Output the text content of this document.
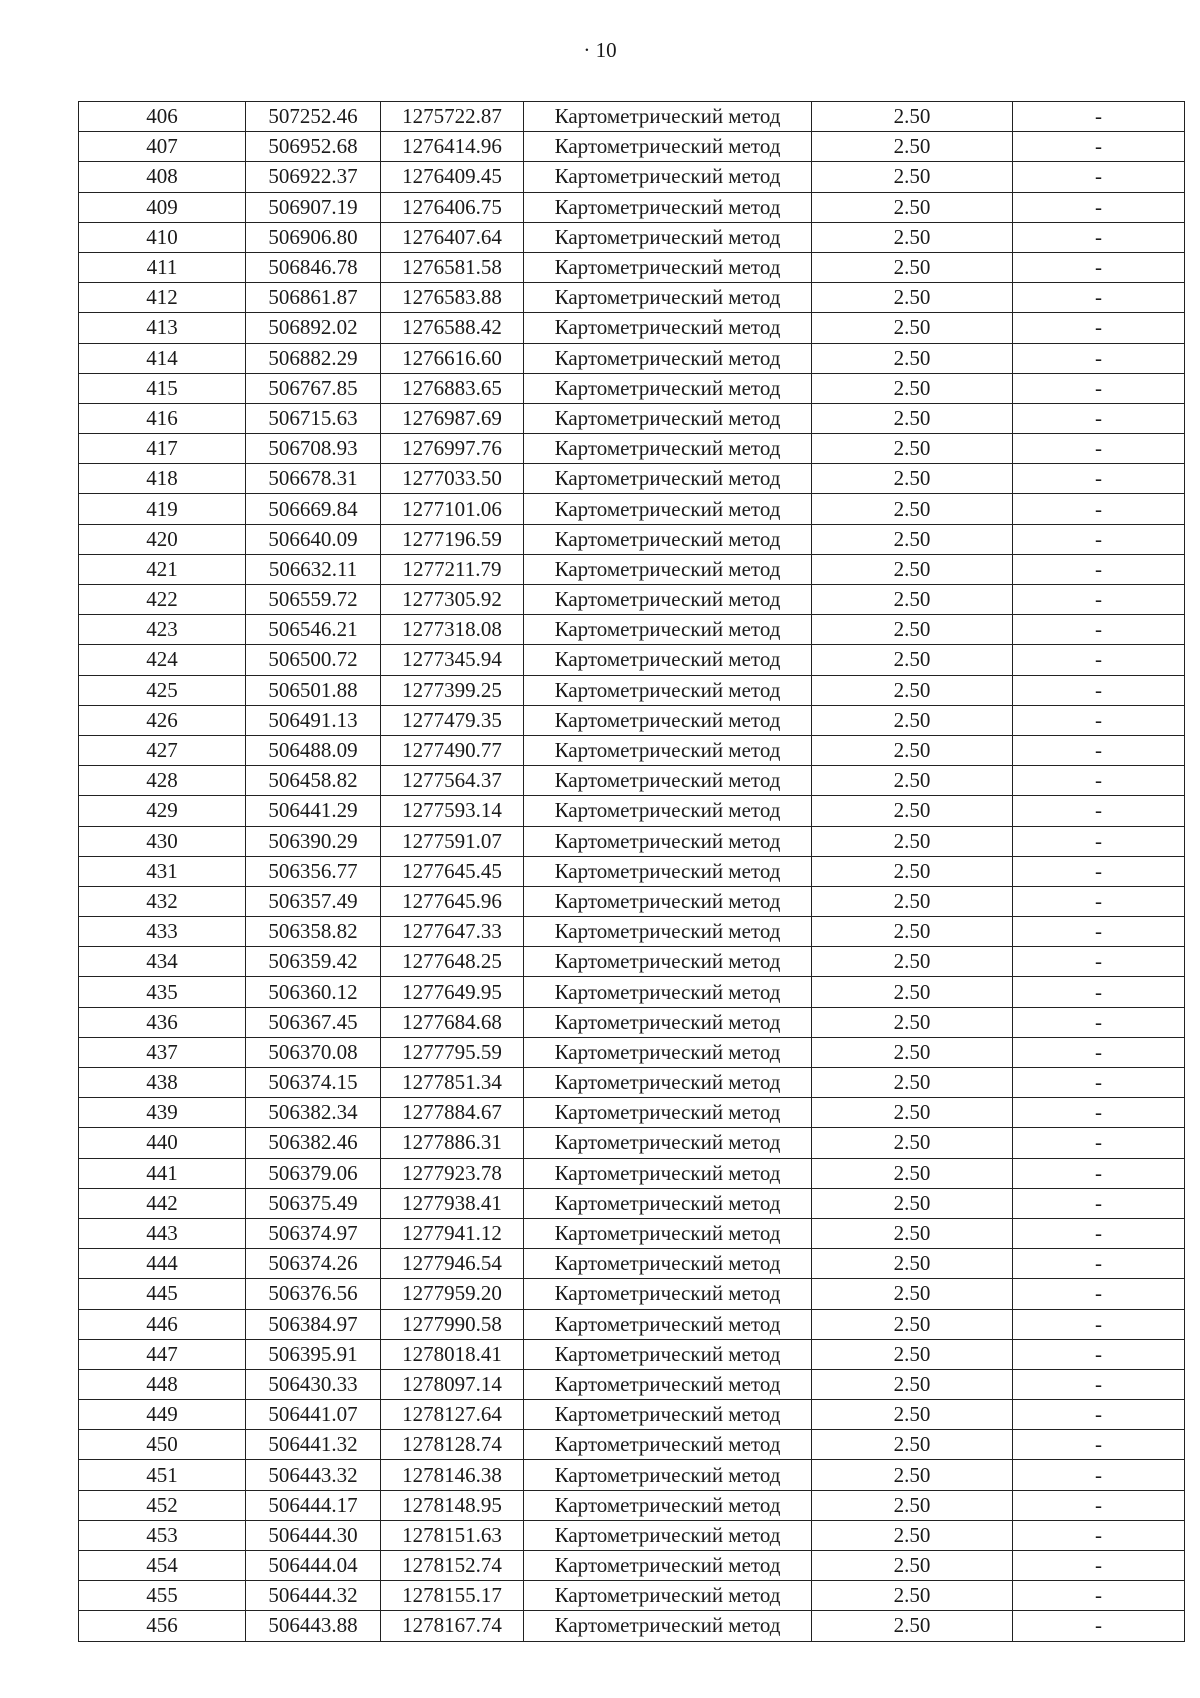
· 10
406	507252.46	1275722.87	Картометрический метод	2.50	-
407	506952.68	1276414.96	Картометрический метод	2.50	-
408	506922.37	1276409.45	Картометрический метод	2.50	-
409	506907.19	1276406.75	Картометрический метод	2.50	-
410	506906.80	1276407.64	Картометрический метод	2.50	-
411	506846.78	1276581.58	Картометрический метод	2.50	-
412	506861.87	1276583.88	Картометрический метод	2.50	-
413	506892.02	1276588.42	Картометрический метод	2.50	-
414	506882.29	1276616.60	Картометрический метод	2.50	-
415	506767.85	1276883.65	Картометрический метод	2.50	-
416	506715.63	1276987.69	Картометрический метод	2.50	-
417	506708.93	1276997.76	Картометрический метод	2.50	-
418	506678.31	1277033.50	Картометрический метод	2.50	-
419	506669.84	1277101.06	Картометрический метод	2.50	-
420	506640.09	1277196.59	Картометрический метод	2.50	-
421	506632.11	1277211.79	Картометрический метод	2.50	-
422	506559.72	1277305.92	Картометрический метод	2.50	-
423	506546.21	1277318.08	Картометрический метод	2.50	-
424	506500.72	1277345.94	Картометрический метод	2.50	-
425	506501.88	1277399.25	Картометрический метод	2.50	-
426	506491.13	1277479.35	Картометрический метод	2.50	-
427	506488.09	1277490.77	Картометрический метод	2.50	-
428	506458.82	1277564.37	Картометрический метод	2.50	-
429	506441.29	1277593.14	Картометрический метод	2.50	-
430	506390.29	1277591.07	Картометрический метод	2.50	-
431	506356.77	1277645.45	Картометрический метод	2.50	-
432	506357.49	1277645.96	Картометрический метод	2.50	-
433	506358.82	1277647.33	Картометрический метод	2.50	-
434	506359.42	1277648.25	Картометрический метод	2.50	-
435	506360.12	1277649.95	Картометрический метод	2.50	-
436	506367.45	1277684.68	Картометрический метод	2.50	-
437	506370.08	1277795.59	Картометрический метод	2.50	-
438	506374.15	1277851.34	Картометрический метод	2.50	-
439	506382.34	1277884.67	Картометрический метод	2.50	-
440	506382.46	1277886.31	Картометрический метод	2.50	-
441	506379.06	1277923.78	Картометрический метод	2.50	-
442	506375.49	1277938.41	Картометрический метод	2.50	-
443	506374.97	1277941.12	Картометрический метод	2.50	-
444	506374.26	1277946.54	Картометрический метод	2.50	-
445	506376.56	1277959.20	Картометрический метод	2.50	-
446	506384.97	1277990.58	Картометрический метод	2.50	-
447	506395.91	1278018.41	Картометрический метод	2.50	-
448	506430.33	1278097.14	Картометрический метод	2.50	-
449	506441.07	1278127.64	Картометрический метод	2.50	-
450	506441.32	1278128.74	Картометрический метод	2.50	-
451	506443.32	1278146.38	Картометрический метод	2.50	-
452	506444.17	1278148.95	Картометрический метод	2.50	-
453	506444.30	1278151.63	Картометрический метод	2.50	-
454	506444.04	1278152.74	Картометрический метод	2.50	-
455	506444.32	1278155.17	Картометрический метод	2.50	-
456	506443.88	1278167.74	Картометрический метод	2.50	-
